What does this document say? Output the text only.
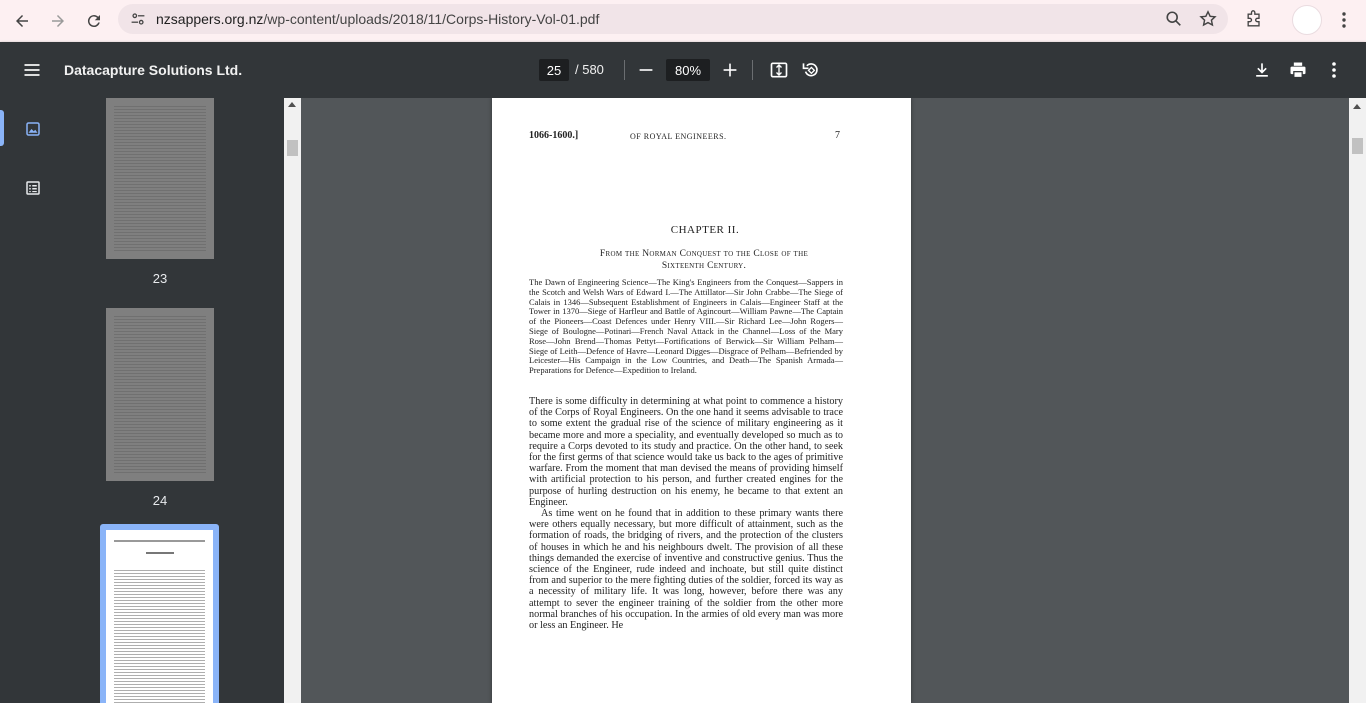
nzsappers.org.nz/wp-content/uploads/2018/11/Corps-History-Vol-01.pdf
Datacapture Solutions Ltd.	25	/ 580	80%
23
24
1066-1600.]	OF ROYAL ENGINEERS.	7
CHAPTER II.
From the Norman Conquest to the Close of the
Sixteenth Century.
The Dawn of Engineering Science—The King's Engineers from the Conquest—Sappers in the Scotch and Welsh Wars of Edward I.—The Attillator—Sir John Crabbe—The Siege of Calais in 1346—Subsequent Establishment of Engineers in Calais—Engineer Staff at the Tower in 1370—Siege of Harfleur and Battle of Agincourt—William Pawne—The Captain of the Pioneers—Coast Defences under Henry VIII.—Sir Richard Lee—John Rogers—Siege of Boulogne—Potinari—French Naval Attack in the Channel—Loss of the Mary Rose—John Brend—Thomas Pettyt—Fortifications of Berwick—Sir William Pelham—Siege of Leith—Defence of Havre—Leonard Digges—Disgrace of Pelham—Befriended by Leicester—His Campaign in the Low Countries, and Death—The Spanish Armada—Preparations for Defence—Expedition to Ireland.

There is some difficulty in determining at what point to commence a history of the Corps of Royal Engineers. On the one hand it seems advisable to trace to some extent the gradual rise of the science of military engineering as it became more and more a speciality, and eventually developed so much as to require a Corps devoted to its study and practice. On the other hand, to seek for the first germs of that science would take us back to the ages of primitive warfare. From the moment that man devised the means of providing himself with artificial protection to his person, and further created engines for the purpose of hurling destruction on his enemy, he became to that extent an Engineer.

As time went on he found that in addition to these primary wants there were others equally necessary, but more difficult of attainment, such as the formation of roads, the bridging of rivers, and the protection of the clusters of houses in which he and his neighbours dwelt. The provision of all these things demanded the exercise of inventive and constructive genius. Thus the science of the Engineer, rude indeed and inchoate, but still quite distinct from and superior to the mere fighting duties of the soldier, forced its way as a necessity of military life. It was long, however, before there was any attempt to sever the engineer training of the soldier from the other more normal branches of his occupation. In the armies of old every man was more or less an Engineer. He
